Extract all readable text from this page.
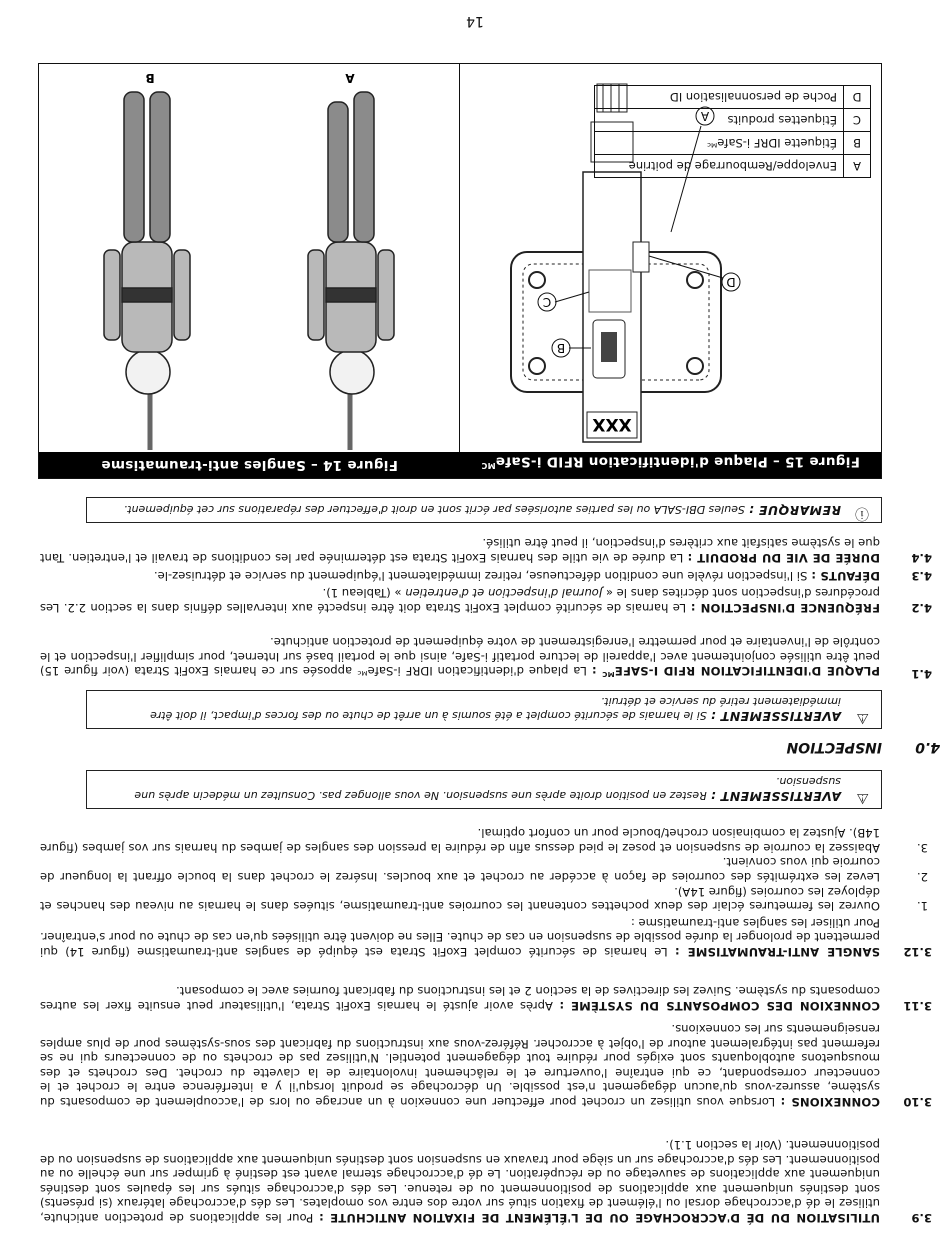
3.9

UTILISATION DU DÉ D'ACCROCHAGE OU DE L'ÉLÉMENT DE FIXATION ANTICHUTE : Pour les applications de protection antichute, utilisez le dé d'accrochage dorsal ou l'élément de fixation situé sur votre dos entre vos omoplates. Les dés d'accrochage latéraux (si présents) sont destinés uniquement aux applications de positionnement ou de retenue. Les dés d'accrochage situés sur les épaules sont destinés uniquement aux applications de sauvetage ou de récupération. Le dé d'accrochage sternal avant est destiné à grimper sur une échelle ou au positionnement. Les dés d'accrochage sur un siège pour travaux en suspension sont destinés uniquement aux applications de suspension ou de positionnement. (Voir la section 1.1).

3.10

CONNEXIONS : Lorsque vous utilisez un crochet pour effectuer une connexion à un ancrage ou lors de l'accouplement de composants du système, assurez-vous qu'aucun dégagement n'est possible. Un décrochage se produit lorsqu'il y a interférence entre le crochet et le connecteur correspondant, ce qui entraîne l'ouverture et le relâchement involontaire de la clavette du crochet. Des crochets et des mousquetons autobloquants sont exigés pour réduire tout dégagement potentiel. N'utilisez pas de crochets ou de connecteurs qui ne se referment pas intégralement autour de l'objet à accrocher. Référez-vous aux instructions du fabricant des sous-systèmes pour de plus amples renseignements sur les connexions.

3.11

CONNEXION DES COMPOSANTS DU SYSTÈME : Après avoir ajusté le harnais ExoFit Strata, l'utilisateur peut ensuite fixer les autres composants du système. Suivez les directives de la section 2 et les instructions du fabricant fournies avec le composant.

3.12

SANGLE ANTI-TRAUMATISME : Le harnais de sécurité complet ExoFit Strata est équipé de sangles anti-traumatisme (figure 14) qui permettent de prolonger la durée possible de suspension en cas de chute. Elles ne doivent être utilisées qu'en cas de chute ou pour s'entraîner. Pour utiliser les sangles anti-traumatisme :

1.
Ouvrez les fermetures éclair des deux pochettes contenant les courroies anti-traumatisme, situées dans le harnais au niveau des hanches et déployez les courroies (figure 14A).
2.
Levez les extrémités des courroies de façon à accéder au crochet et aux boucles. Insérez le crochet dans la boucle offrant la longueur de courroie qui vous convient.
3.
Abaissez la courroie de suspension et posez le pied dessus afin de réduire la pression des sangles de jambes du harnais sur vos jambes (figure 14B). Ajustez la combinaison crochet/boucle pour un confort optimal.
⚠
AVERTISSEMENT : Restez en position droite après une suspension. Ne vous allongez pas. Consultez un médecin après une suspension.
4.0INSPECTION
⚠
AVERTISSEMENT : Si le harnais de sécurité complet a été soumis à un arrêt de chute ou des forces d'impact, il doit être immédiatement retiré du service et détruit.
4.1

PLAQUE D'IDENTIFICATION RFID $I-SAFE^{MC}$ : La plaque d'identification IDRF i-Safeᴹᶜ apposée sur ce harnais ExoFit Strata (voir figure 15) peut être utilisée conjointement avec l'appareil de lecture portatif i-Safe, ainsi que le portail basé sur Internet, pour simplifier l'inspection et le contrôle de l'inventaire et pour permettre l'enregistrement de votre équipement de protection antichute.

4.2

FRÉQUENCE D'INSPECTION : Le harnais de sécurité complet ExoFit Strata doit être inspecté aux intervalles définis dans la section 2.2. Les procédures d'inspection sont décrites dans le « Journal d'inspection et d'entretien » (Tableau 1).

4.3

DÉFAUTS : Si l'inspection révèle une condition défectueuse, retirez immédiatement l'équipement du service et détruisez-le.

4.4

DURÉE DE VIE DU PRODUIT : La durée de vie utile des harnais ExoFit Strata est déterminée par les conditions de travail et l'entretien. Tant que le système satisfait aux critères d'inspection, il peut être utilisé.

ⓘ
REMARQUE : Seules DBI-SALA ou les parties autorisées par écrit sont en droit d'effectuer des réparations sur cet équipement.
Figure 15 – Plaque d'identification RFID i-Safe$^{MC}$
XXX
A
B
C
D
A	Enveloppe/Rembourrage de poitrine
B	Étiquette IDRF i-Safeᴹᶜ
C	Étiquettes produits
D	Poche de personnalisation ID
Figure 14 – Sangles anti-traumatisme
A
B
14
